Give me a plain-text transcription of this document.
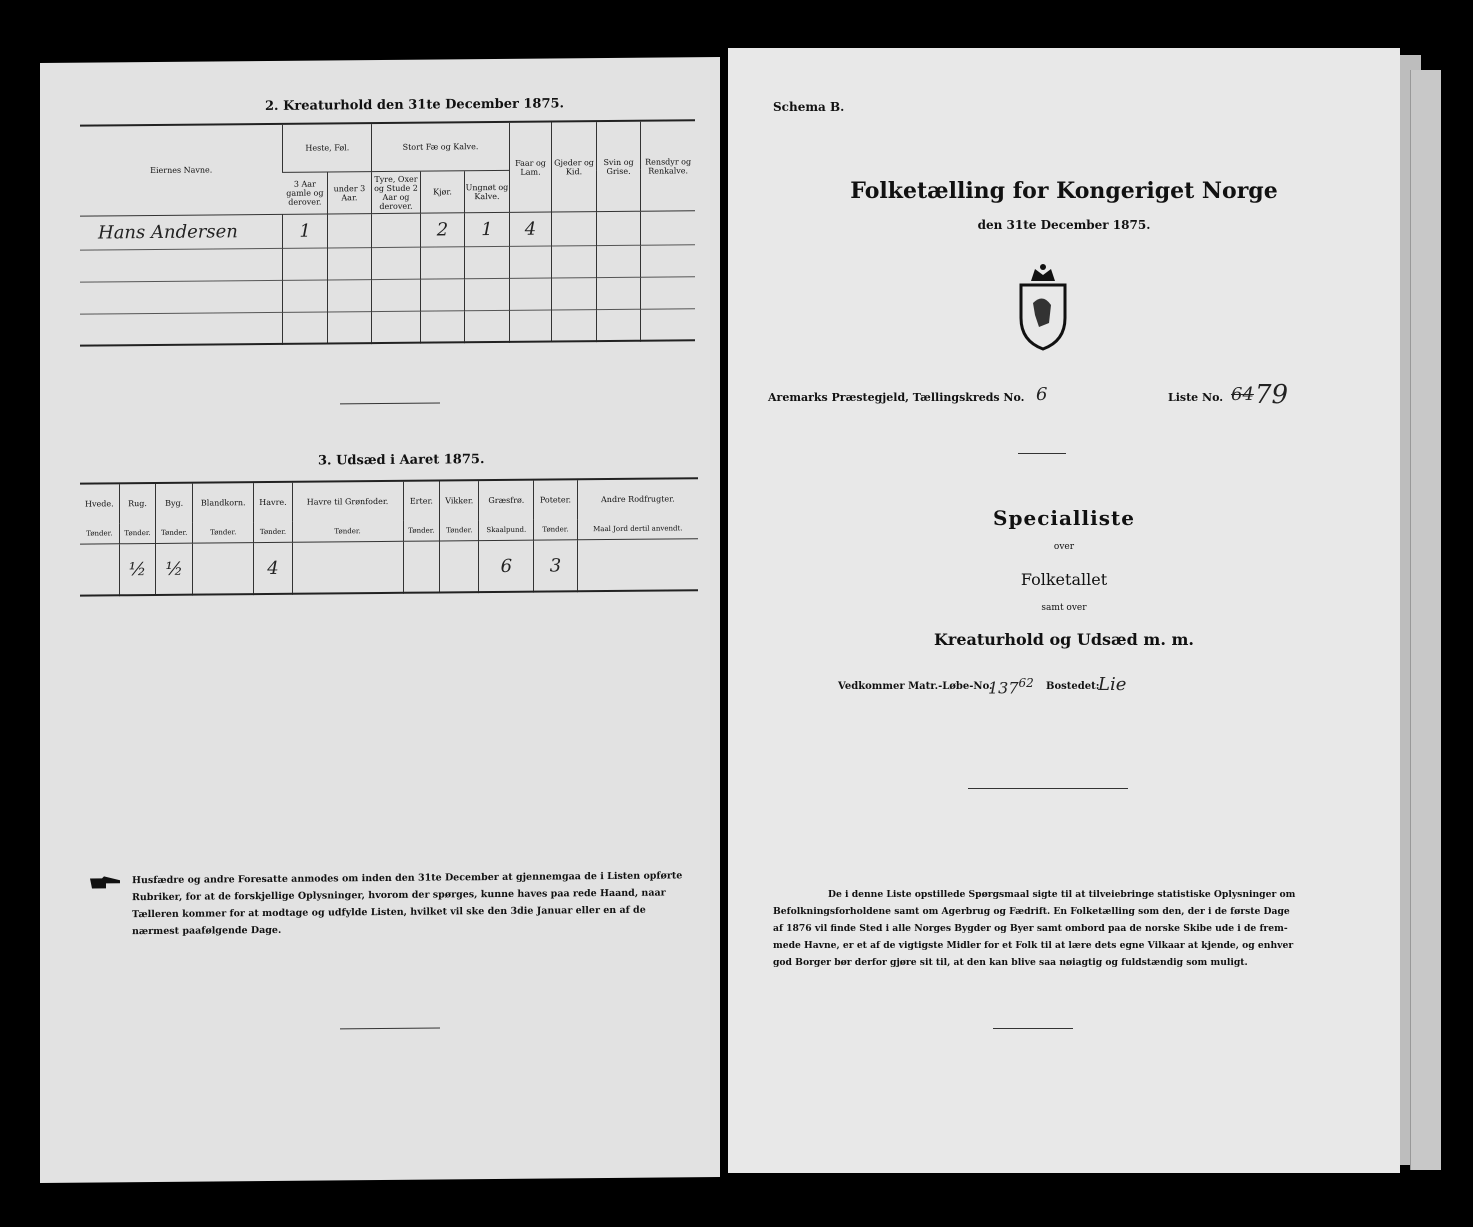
2. Kreaturhold den 31te December 1875.
Eiernes Navne.	Heste, Føl.		Stort Fæ og Kalve.			Faar og Lam.	Gjeder og Kid.	Svin og Grise.	Rensdyr og Renkalve.
	3 Aar gamle og derover.	under 3 Aar.	Tyre, Oxer og Stude 2 Aar og derover.	Kjør.	Ungnøt og Kalve.				
Hans Andersen	1			2	1	4			

3. Udsæd i Aaret 1875.
Hvede.	Rug.	Byg.	Blandkorn.	Havre.	Havre til Grønfoder.	Erter.	Vikker.	Græsfrø.	Poteter.	Andre Rodfrugter.
Tønder.	Tønder.	Tønder.	Tønder.	Tønder.	Tønder.	Tønder.	Tønder.	Skaalpund.	Tønder.	Maal Jord dertil anvendt.
	½	½		4				6	3	
Husfædre og andre Foresatte anmodes om inden den 31te December at gjennemgaa de i Listen opførte
Rubriker, for at de forskjellige Oplysninger, hvorom der spørges, kunne haves paa rede Haand, naar
Tælleren kommer for at modtage og udfylde Listen, hvilket vil ske den 3die Januar eller en af de
nærmest paafølgende Dage.
Schema B.
Folketælling for Kongeriget Norge
den 31te December 1875.
Aremarks Præstegjeld, Tællingskreds No. 6	Liste No. 64 79
Specialliste
over
Folketallet
samt over
Kreaturhold og Udsæd m. m.
Vedkommer Matr.-Løbe-No.
$137^{62}$ Bostedet:
Lie
De i denne Liste opstillede Spørgsmaal sigte til at tilveiebringe statistiske Oplysninger om
Befolkningsforholdene samt om Agerbrug og Fædrift. En Folketælling som den, der i de første Dage
af 1876 vil finde Sted i alle Norges Bygder og Byer samt ombord paa de norske Skibe ude i de frem-
mede Havne, er et af de vigtigste Midler for et Folk til at lære dets egne Vilkaar at kjende, og enhver
god Borger bør derfor gjøre sit til, at den kan blive saa nøiagtig og fuldstændig som muligt.
